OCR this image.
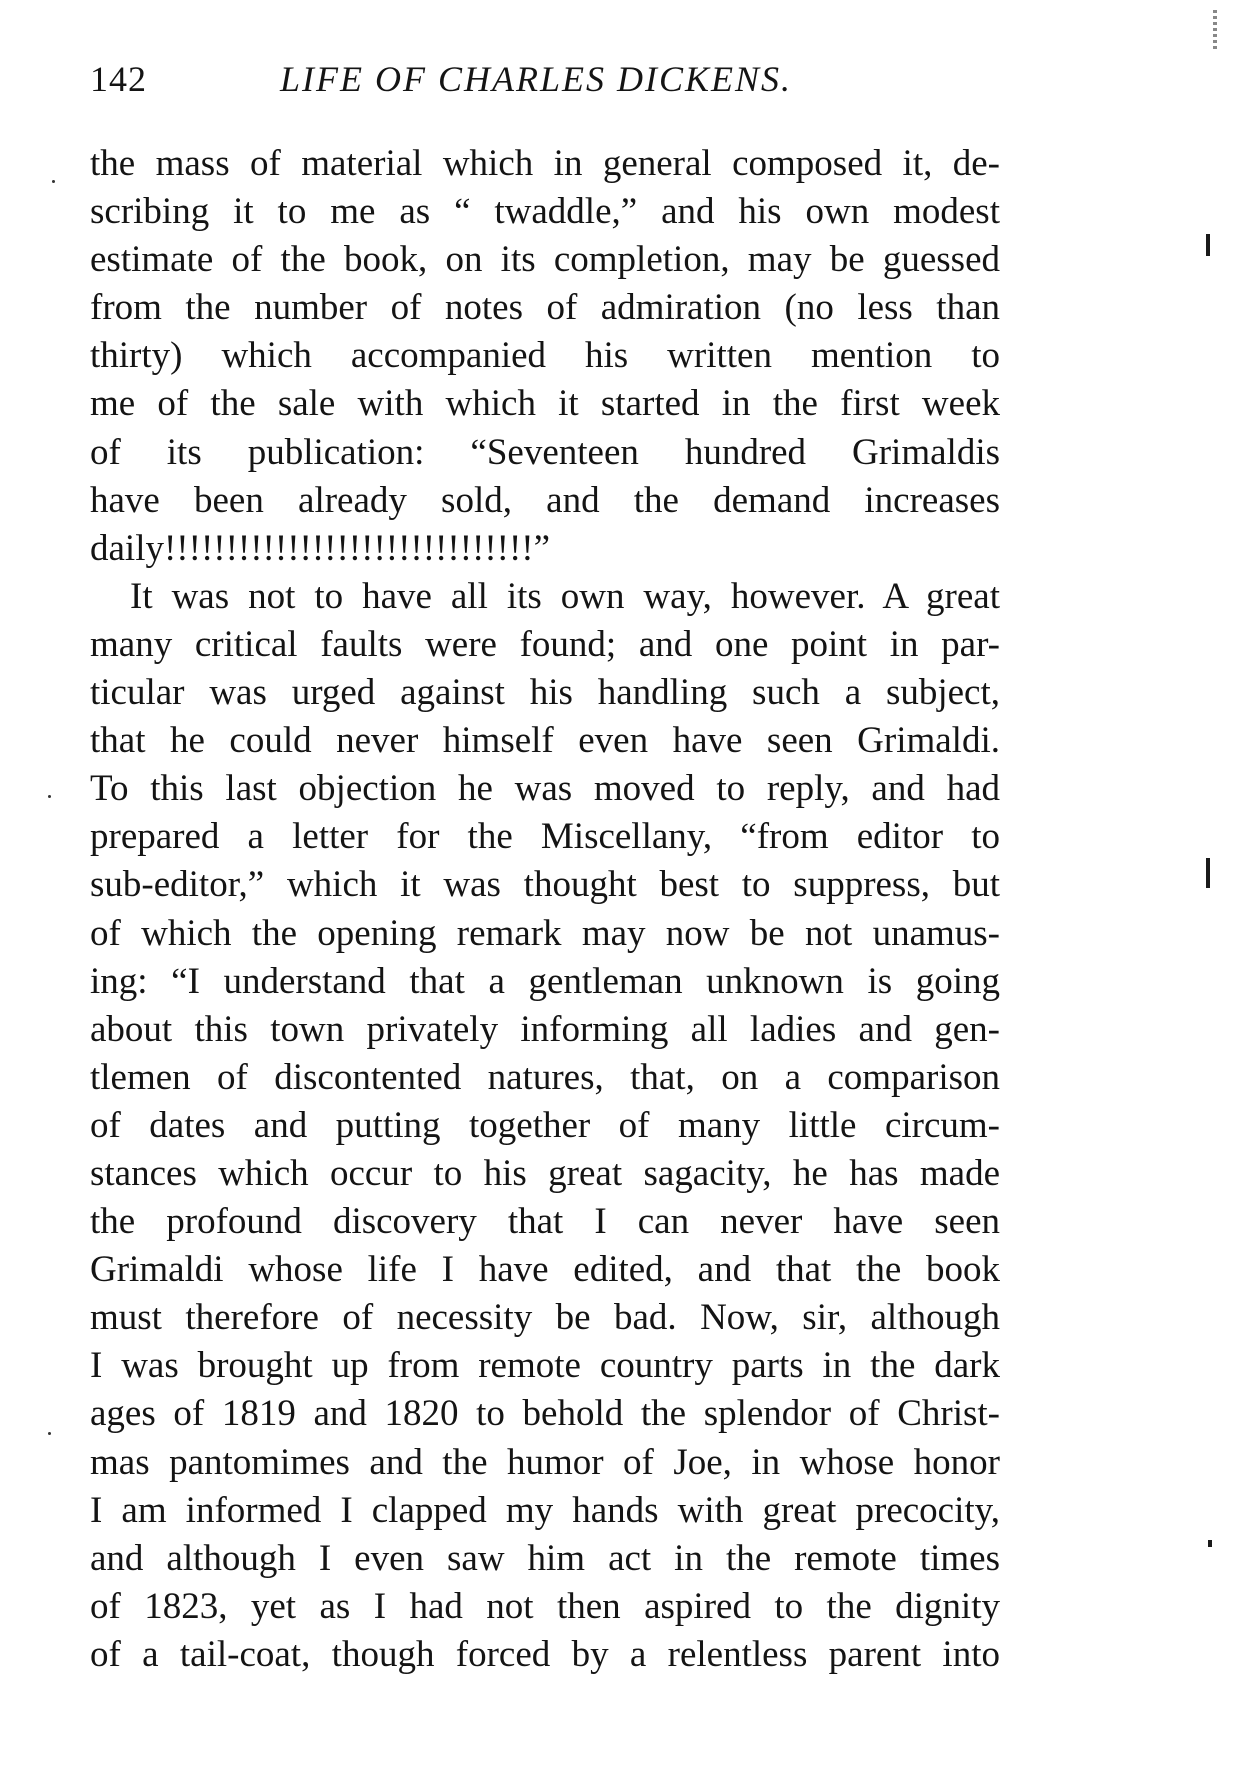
142	LIFE OF CHARLES DICKENS.
the mass of material which in general composed it, de-
scribing it to me as “ twaddle,” and his own modest
estimate of the book, on its completion, may be guessed
from the number of notes of admiration (no less than
thirty) which accompanied his written mention to
me of the sale with which it started in the first week
of its publication: “Seventeen hundred Grimaldis
have been already sold, and the demand increases
daily!!!!!!!!!!!!!!!!!!!!!!!!!!!!!!”
It was not to have all its own way, however. A great
many critical faults were found; and one point in par-
ticular was urged against his handling such a subject,
that he could never himself even have seen Grimaldi.
To this last objection he was moved to reply, and had
prepared a letter for the Miscellany, “from editor to
sub-editor,” which it was thought best to suppress, but
of which the opening remark may now be not unamus-
ing: “I understand that a gentleman unknown is going
about this town privately informing all ladies and gen-
tlemen of discontented natures, that, on a comparison
of dates and putting together of many little circum-
stances which occur to his great sagacity, he has made
the profound discovery that I can never have seen
Grimaldi whose life I have edited, and that the book
must therefore of necessity be bad. Now, sir, although
I was brought up from remote country parts in the dark
ages of 1819 and 1820 to behold the splendor of Christ-
mas pantomimes and the humor of Joe, in whose honor
I am informed I clapped my hands with great precocity,
and although I even saw him act in the remote times
of 1823, yet as I had not then aspired to the dignity
of a tail-coat, though forced by a relentless parent into
